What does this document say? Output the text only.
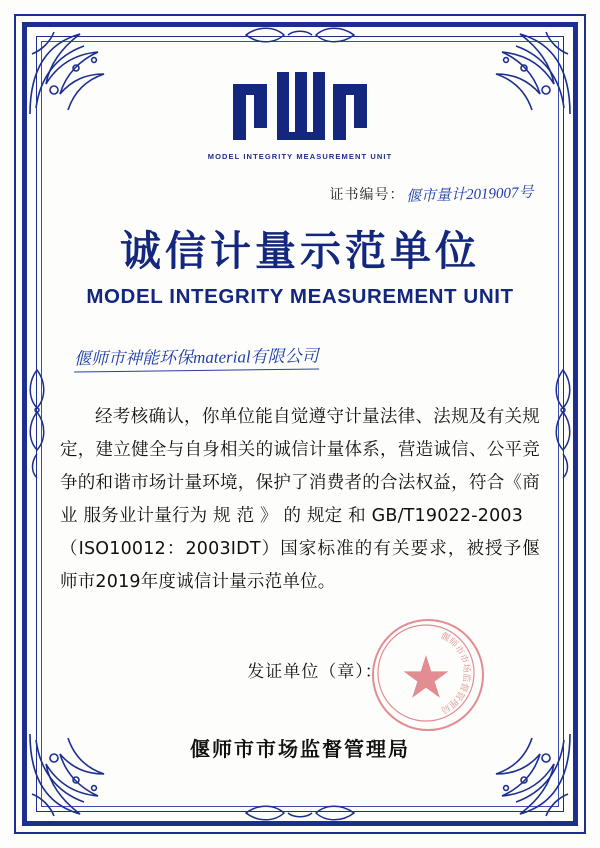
MODEL INTEGRITY MEASUREMENT UNIT
证书编号： 偃市量计2019007号
诚信计量示范单位
MODEL INTEGRITY MEASUREMENT UNIT
偃师市神能环保material有限公司

经考核确认，你单位能自觉遵守计量法律、法规及有关规定，建立健全与自身相关的诚信计量体系，营造诚信、公平竞争的和谐市场计量环境，保护了消费者的合法权益，符合《商业 服务业计量行为 规 范 》 的 规定 和 GB/T19022-2003

（ISO10012：2003IDT）国家标准的有关要求，被授予偃师市2019年度诚信计量示范单位。

发证单位（章）：
偃师市市场监督管理局
偃师市市场监督管理局
